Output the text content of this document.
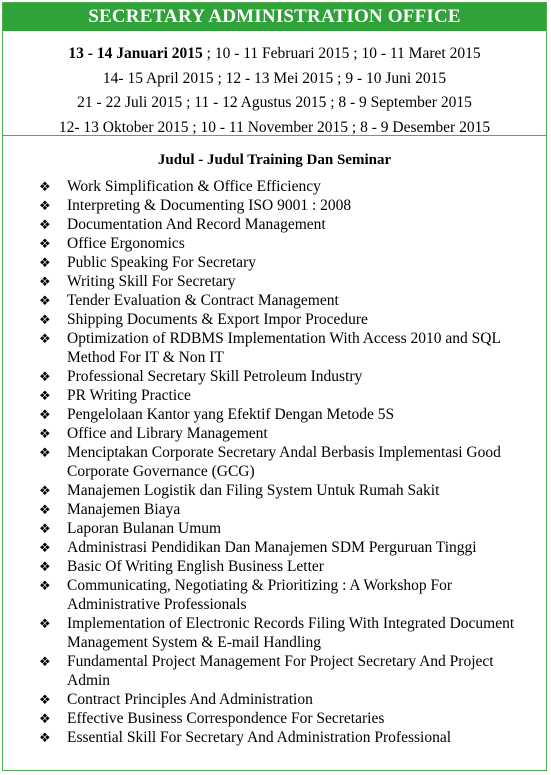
SECRETARY ADMINISTRATION OFFICE
13 - 14 Januari 2015 ; 10 - 11 Februari 2015 ; 10 - 11 Maret 2015
14- 15 April 2015 ; 12 - 13 Mei 2015 ; 9 - 10 Juni 2015
21 - 22 Juli 2015 ; 11 - 12 Agustus 2015 ; 8 - 9 September 2015
12- 13 Oktober 2015 ; 10 - 11 November 2015 ; 8 - 9 Desember 2015
Judul - Judul Training Dan Seminar
❖ Work Simplification & Office Efficiency
❖ Interpreting & Documenting ISO 9001 : 2008
❖ Documentation And Record Management
❖ Office Ergonomics
❖ Public Speaking For Secretary
❖ Writing Skill For Secretary
❖ Tender Evaluation & Contract Management
❖ Shipping Documents & Export Impor Procedure
❖ Optimization of RDBMS Implementation With Access 2010 and SQL Method For IT & Non IT
❖ Professional Secretary Skill Petroleum Industry
❖ PR Writing Practice
❖ Pengelolaan Kantor yang Efektif Dengan Metode 5S
❖ Office and Library Management
❖ Menciptakan Corporate Secretary Andal Berbasis Implementasi Good Corporate Governance (GCG)
❖ Manajemen Logistik dan Filing System Untuk Rumah Sakit
❖ Manajemen Biaya
❖ Laporan Bulanan Umum
❖ Administrasi Pendidikan Dan Manajemen SDM Perguruan Tinggi
❖ Basic Of Writing English Business Letter
❖ Communicating, Negotiating & Prioritizing : A Workshop For Administrative Professionals
❖ Implementation of Electronic Records Filing With Integrated Document Management System & E-mail Handling
❖ Fundamental Project Management For Project Secretary And Project Admin
❖ Contract Principles And Administration
❖ Effective Business Correspondence For Secretaries
❖ Essential Skill For Secretary And Administration Professional
